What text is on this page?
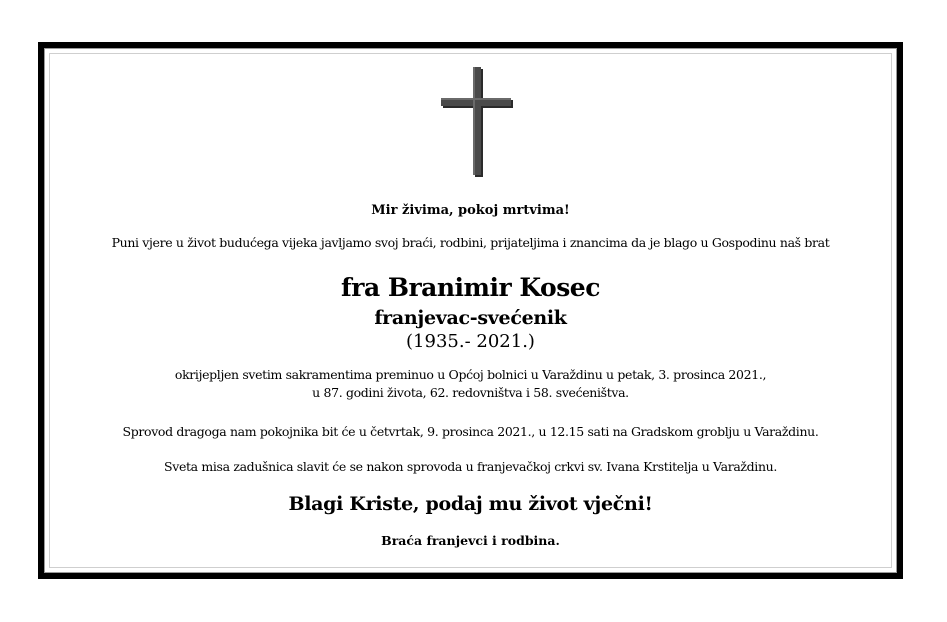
Mir živima, pokoj mrtvima!
Puni vjere u život budućega vijeka javljamo svoj braći, rodbini, prijateljima i znancima da je blago u Gospodinu naš brat
fra Branimir Kosec
franjevac-svećenik
(1935.- 2021.)
okrijepljen svetim sakramentima preminuo u Općoj bolnici u Varaždinu u petak, 3. prosinca 2021.,
u 87. godini života, 62. redovništva i 58. svećeništva.
Sprovod dragoga nam pokojnika bit će u četvrtak, 9. prosinca 2021., u 12.15 sati na Gradskom groblju u Varaždinu.
Sveta misa zadušnica slavit će se nakon sprovoda u franjevačkoj crkvi sv. Ivana Krstitelja u Varaždinu.
Blagi Kriste, podaj mu život vječni!
Braća franjevci i rodbina.
